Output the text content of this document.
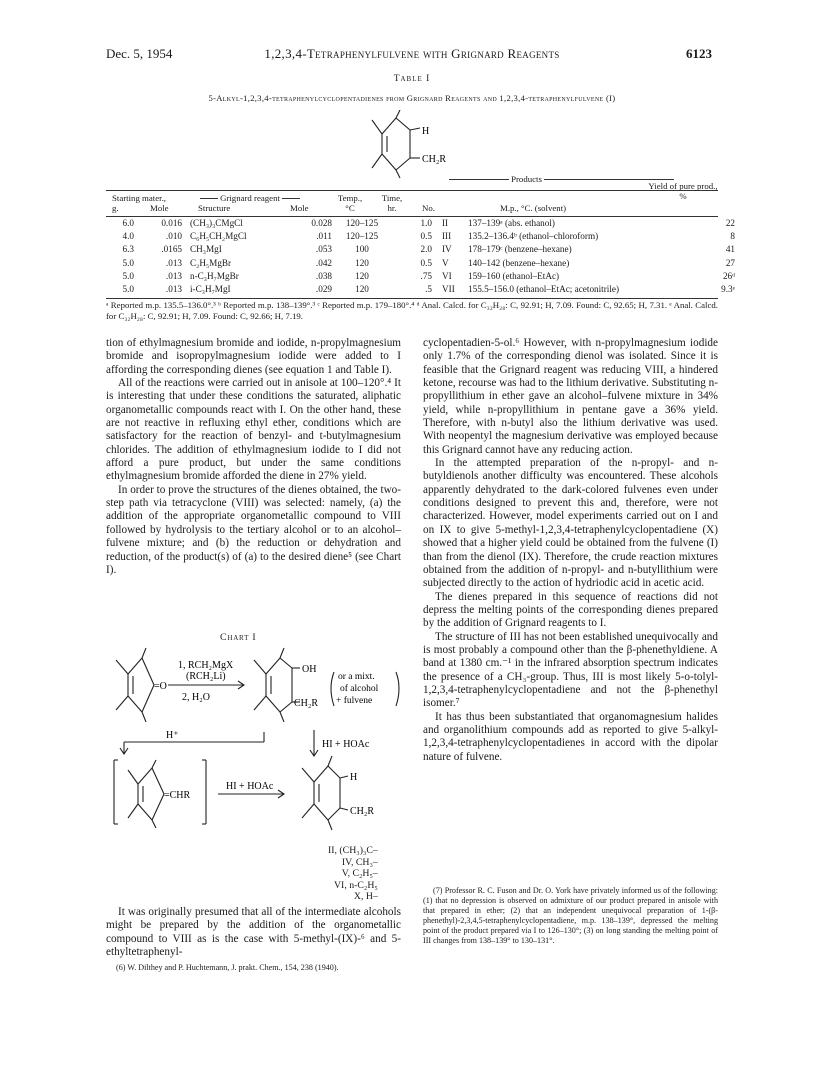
Dec. 5, 1954	1,2,3,4-Tetraphenylfulvene with Grignard Reagents	6123
Table I
5-Alkyl-1,2,3,4-tetraphenylcyclopentadienes from Grignard Reagents and 1,2,3,4-tetraphenylfulvene (I)
H
CH₂R
Products
Yield of pure prod., %
Starting mater.,
g.	Mole
Grignard reagent
Structure	Mole
Temp.,
°C
Time,
hr.	No.	M.p., °C. (solvent)
6.0	0.016	(CH₃)₃CMgCl	0.028	120–125	1.0	II	137–139ᵃ (abs. ethanol)	22
4.0	.010	C₆H₅CH₂MgCl	.011	120–125	0.5	III	135.2–136.4ᵇ (ethanol–chloroform)	8
6.3	.0165	CH₃MgI	.053	100	2.0	IV	178–179ᶜ (benzene–hexane)	41
5.0	.013	C₂H₅MgBr	.042	120	0.5	V	140–142 (benzene–hexane)	27
5.0	.013	n-C₃H₇MgBr	.038	120	.75	VI	159–160 (ethanol–EtAc)	26ᵈ
5.0	.013	i-C₃H₇MgI	.029	120	.5	VII	155.5–156.0 (ethanol–EtAc; acetonitrile)	9.3ᵉ
ᵃ Reported m.p. 135.5–136.0°.³ ᵇ Reported m.p. 138–139°.³ ᶜ Reported m.p. 179–180°.⁴ ᵈ Anal. Calcd. for C₃₂H₂₈: C, 92.91; H, 7.09. Found: C, 92.65; H, 7.31. ᵉ Anal. Calcd. for C₃₂H₂₈: C, 92.91; H, 7.09. Found: C, 92.66; H, 7.19.

tion of ethylmagnesium bromide and iodide, n-propylmagnesium bromide and isopropylmagnesium iodide were added to I affording the corresponding dienes (see equation 1 and Table I).

All of the reactions were carried out in anisole at 100–120°.⁴ It is interesting that under these conditions the saturated, aliphatic organometallic compounds react with I. On the other hand, these are not reactive in refluxing ethyl ether, conditions which are satisfactory for the reaction of benzyl- and t-butylmagnesium chlorides. The addition of ethylmagnesium iodide to I did not afford a pure product, but under the same conditions ethylmagnesium bromide afforded the diene in 27% yield.

In order to prove the structures of the dienes obtained, the two-step path via tetracyclone (VIII) was selected: namely, (a) the addition of the appropriate organometallic compound to VIII followed by hydrolysis to the tertiary alcohol or to an alcohol–fulvene mixture; and (b) the reduction or dehydration and reduction, of the product(s) of (a) to the desired diene⁵ (see Chart I).

Chart I
=O
1, RCH₂MgX
(RCH₂Li)
2, H₂O
OH
CH₂R
or a mixt.
of alcohol
+ fulvene
H⁺
HI + HOAc
=CHR
HI + HOAc
H
CH₂R
II, (CH₃)₃C–
IV, CH₃–
V, C₂H₅–
VI, n-C₂H₅
X, H–

It was originally presumed that all of the intermediate alcohols might be prepared by the addition of the organometallic compound to VIII as is the case with 5-methyl-(IX)-⁶ and 5-ethyltetraphenyl-

(6) W. Dilthey and P. Huchtemann, J. prakt. Chem., 154, 238 (1940).

cyclopentadien-5-ol.⁶ However, with n-propylmagnesium iodide only 1.7% of the corresponding dienol was isolated. Since it is feasible that the Grignard reagent was reducing VIII, a hindered ketone, recourse was had to the lithium derivative. Substituting n-propyllithium in ether gave an alcohol–fulvene mixture in 34% yield, while n-propyllithium in pentane gave a 36% yield. Therefore, with n-butyl also the lithium derivative was used. With neopentyl the magnesium derivative was employed because this Grignard cannot have any reducing action.

In the attempted preparation of the n-propyl- and n-butyldienols another difficulty was encountered. These alcohols apparently dehydrated to the dark-colored fulvenes even under conditions designed to prevent this and, therefore, were not characterized. However, model experiments carried out on I and on IX to give 5-methyl-1,2,3,4-tetraphenylcyclopentadiene (X) showed that a higher yield could be obtained from the fulvene (I) than from the dienol (IX). Therefore, the crude reaction mixtures obtained from the addition of n-propyl- and n-butyllithium were subjected directly to the action of hydriodic acid in acetic acid.

The dienes prepared in this sequence of reactions did not depress the melting points of the corresponding dienes prepared by the addition of Grignard reagents to I.

The structure of III has not been established unequivocally and is most probably a compound other than the β-phenethyldiene. A band at 1380 cm.⁻¹ in the infrared absorption spectrum indicates the presence of a CH₃-group. Thus, III is most likely 5-o-tolyl-1,2,3,4-tetraphenylcyclopentadiene and not the β-phenethyl isomer.⁷

It has thus been substantiated that organomagnesium halides and organolithium compounds add as reported to give 5-alkyl-1,2,3,4-tetraphenylcyclopentadienes in accord with the dipolar nature of fulvene.

(7) Professor R. C. Fuson and Dr. O. York have privately informed us of the following: (1) that no depression is observed on admixture of our product prepared in anisole with that prepared in ether; (2) that an independent unequivocal preparation of 1-(β-phenethyl)-2,3,4,5-tetraphenylcyclopentadiene, m.p. 138–139°, depressed the melting point of the product prepared via I to 126–130°; (3) on long standing the melting point of III changes from 138–139° to 130–131°.
